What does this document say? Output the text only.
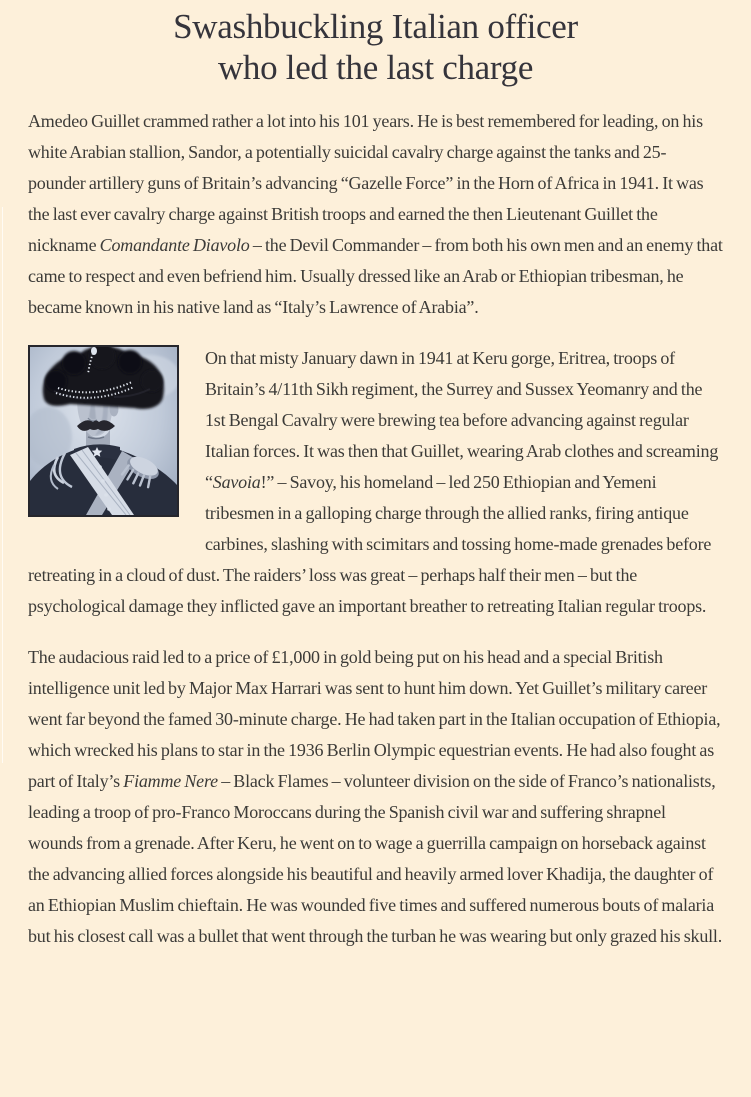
Swashbuckling Italian officer
who led the last charge

Amedeo Guillet crammed rather a lot into his 101 years. He is best remembered for leading, on his white Arabian stallion, Sandor, a potentially suicidal cavalry charge against the tanks and 25-pounder artillery guns of Britain’s advancing “Gazelle Force” in the Horn of Africa in 1941. It was the last ever cavalry charge against British troops and earned the then Lieutenant Guillet the nickname Comandante Diavolo – the Devil Commander – from both his own men and an enemy that came to respect and even befriend him. Usually dressed like an Arab or Ethiopian tribesman, he became known in his native land as “Italy’s Lawrence of Arabia”.

On that misty January dawn in 1941 at Keru gorge, Eritrea, troops of Britain’s 4/11th Sikh regiment, the Surrey and Sussex Yeomanry and the 1st Bengal Cavalry were brewing tea before advancing against regular Italian forces. It was then that Guillet, wearing Arab clothes and screaming “Savoia!” – Savoy, his homeland – led 250 Ethiopian and Yemeni tribesmen in a galloping charge through the allied ranks, firing antique carbines, slashing with scimitars and tossing home-made grenades before retreating in a cloud of dust. The raiders’ loss was great – perhaps half their men – but the psychological damage they inflicted gave an important breather to retreating Italian regular troops.

The audacious raid led to a price of £1,000 in gold being put on his head and a special British intelligence unit led by Major Max Harrari was sent to hunt him down. Yet Guillet’s military career went far beyond the famed 30-minute charge. He had taken part in the Italian occupation of Ethiopia, which wrecked his plans to star in the 1936 Berlin Olympic equestrian events. He had also fought as part of Italy’s Fiamme Nere – Black Flames – volunteer division on the side of Franco’s nationalists, leading a troop of pro-Franco Moroccans during the Spanish civil war and suffering shrapnel wounds from a grenade. After Keru, he went on to wage a guerrilla campaign on horseback against the advancing allied forces alongside his beautiful and heavily armed lover Khadija, the daughter of an Ethiopian Muslim chieftain. He was wounded five times and suffered numerous bouts of malaria but his closest call was a bullet that went through the turban he was wearing but only grazed his skull.
